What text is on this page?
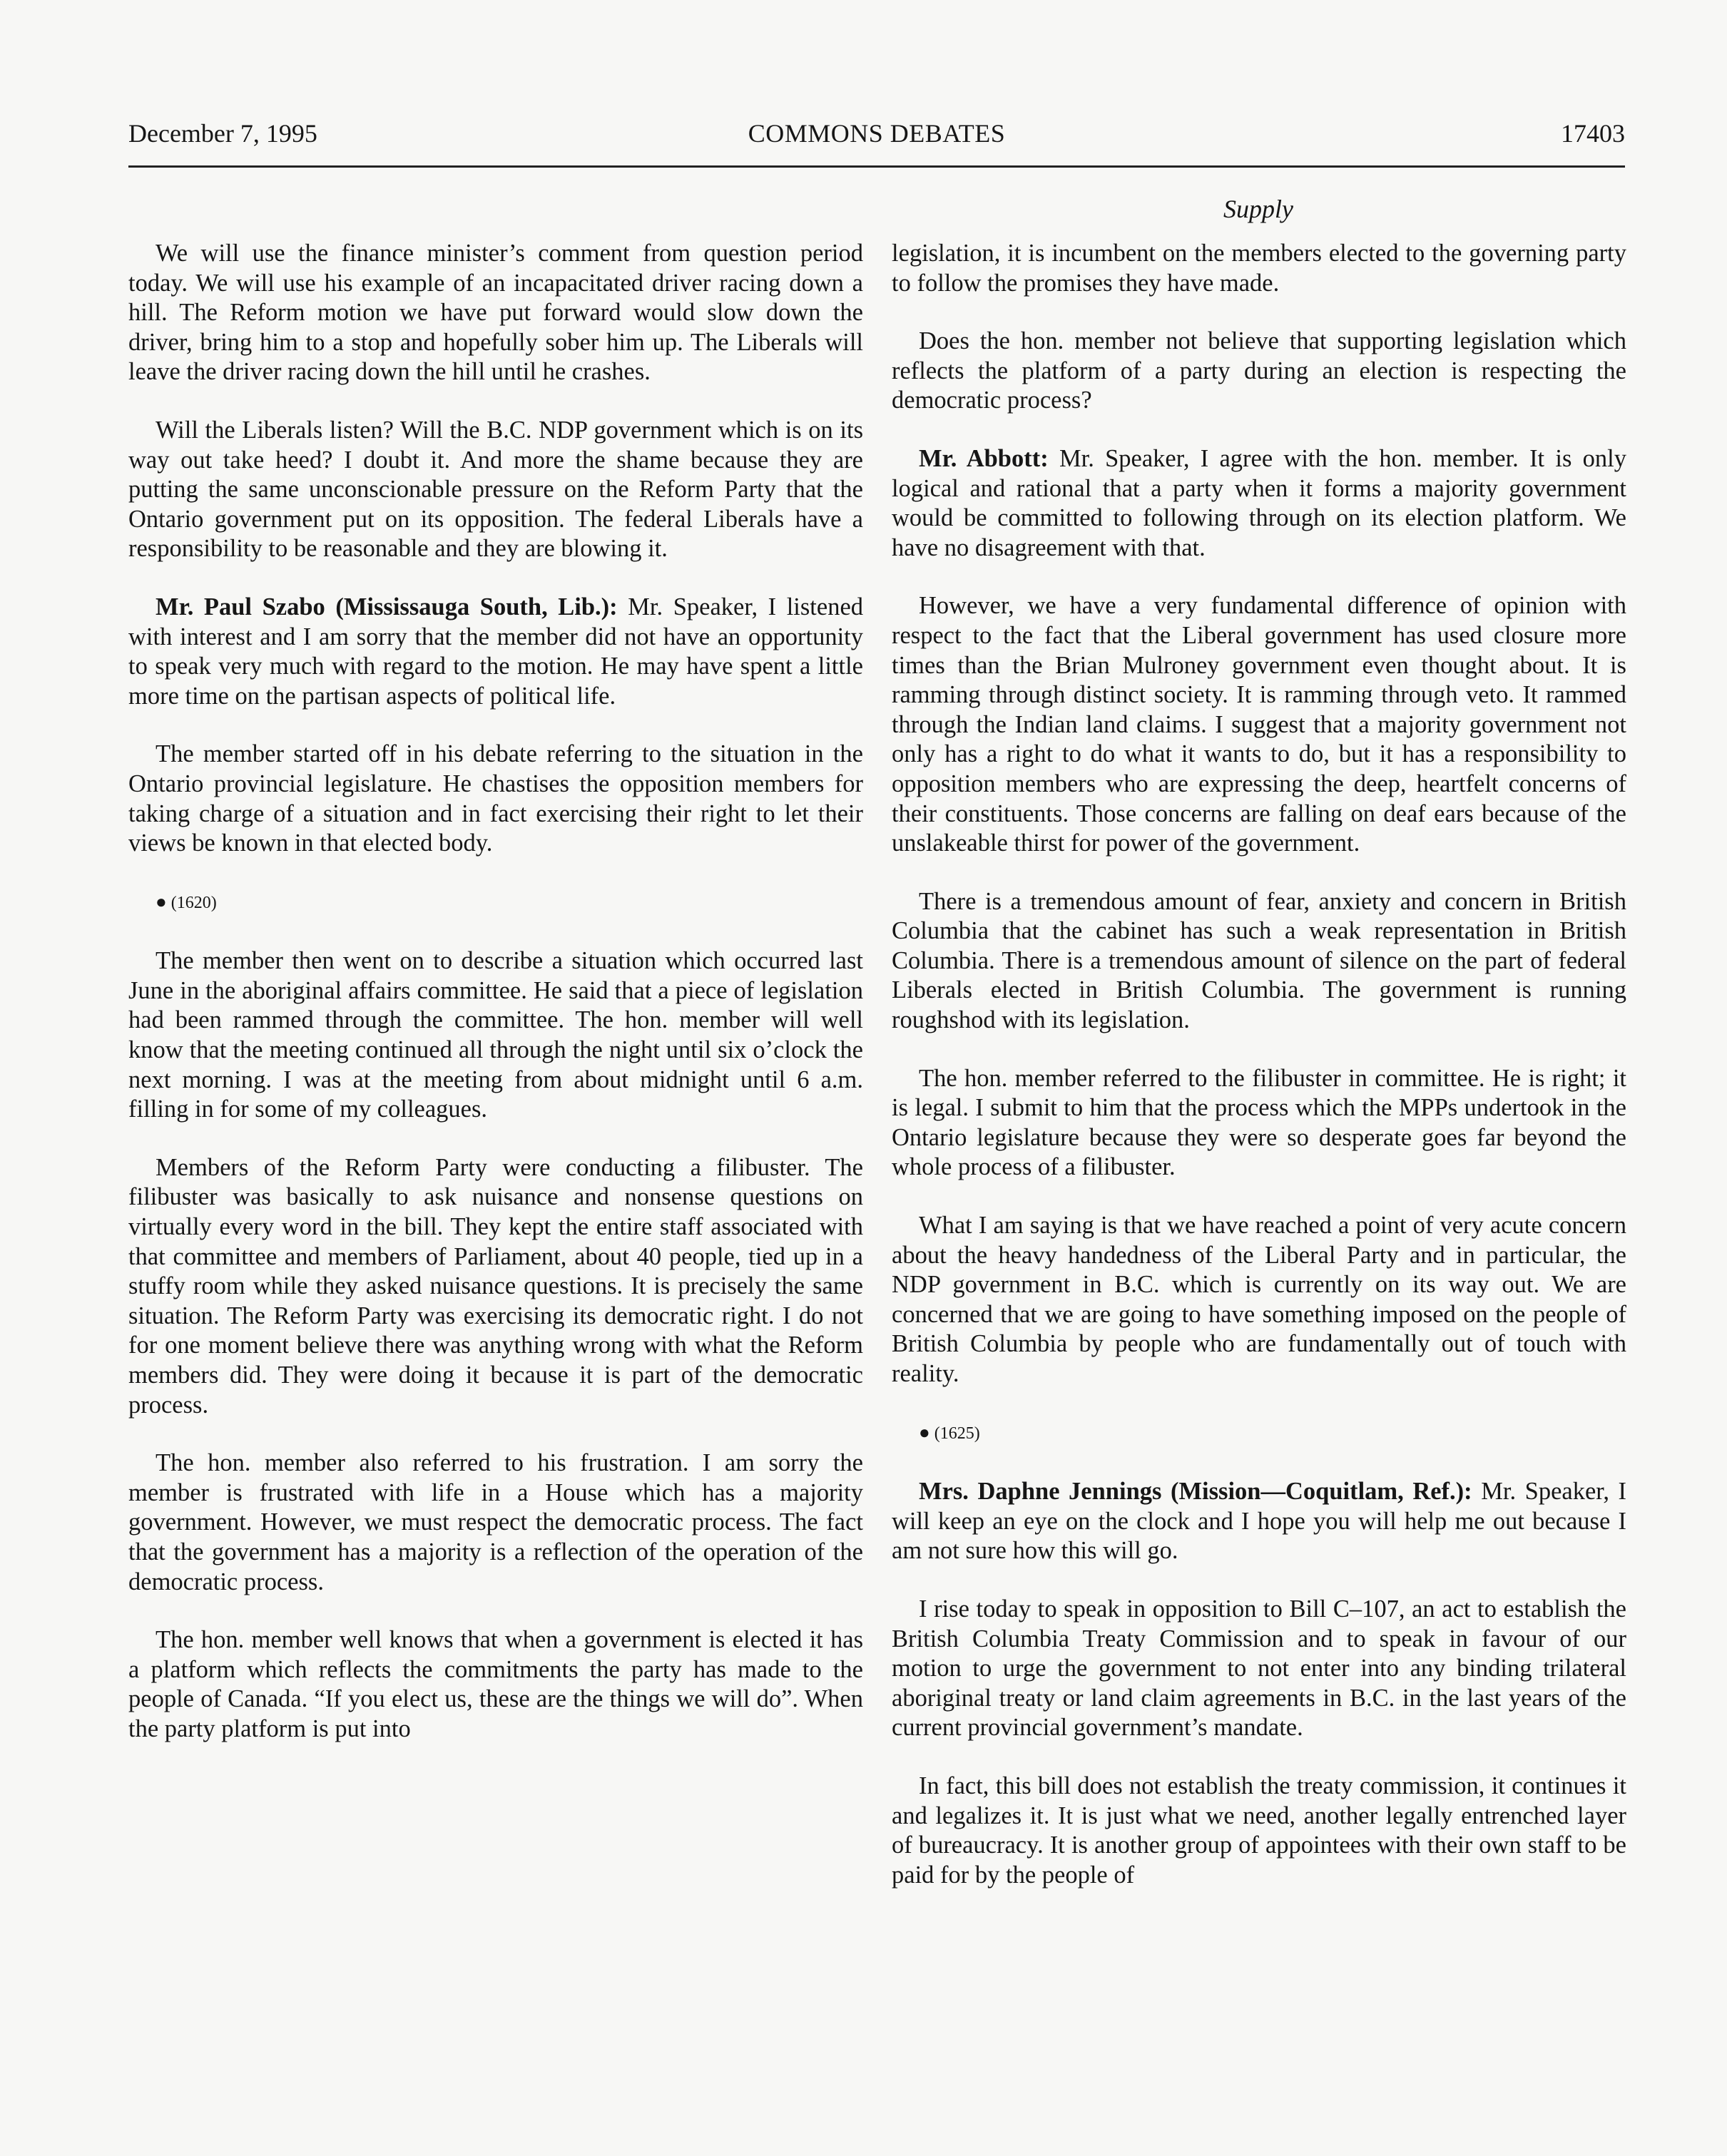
December 7, 1995	COMMONS DEBATES	17403
Supply

We will use the finance minister’s comment from question period today. We will use his example of an incapacitated driver racing down a hill. The Reform motion we have put forward would slow down the driver, bring him to a stop and hopefully sober him up. The Liberals will leave the driver racing down the hill until he crashes.

Will the Liberals listen? Will the B.C. NDP government which is on its way out take heed? I doubt it. And more the shame because they are putting the same unconscionable pressure on the Reform Party that the Ontario government put on its opposition. The federal Liberals have a responsibility to be reasonable and they are blowing it.

Mr. Paul Szabo (Mississauga South, Lib.): Mr. Speaker, I listened with interest and I am sorry that the member did not have an opportunity to speak very much with regard to the motion. He may have spent a little more time on the partisan aspects of political life.

The member started off in his debate referring to the situation in the Ontario provincial legislature. He chastises the opposition members for taking charge of a situation and in fact exercising their right to let their views be known in that elected body.

● (1620)

The member then went on to describe a situation which occurred last June in the aboriginal affairs committee. He said that a piece of legislation had been rammed through the committee. The hon. member will well know that the meeting continued all through the night until six o’clock the next morning. I was at the meeting from about midnight until 6 a.m. filling in for some of my colleagues.

Members of the Reform Party were conducting a filibuster. The filibuster was basically to ask nuisance and nonsense questions on virtually every word in the bill. They kept the entire staff associated with that committee and members of Parliament, about 40 people, tied up in a stuffy room while they asked nuisance questions. It is precisely the same situation. The Reform Party was exercising its democratic right. I do not for one moment believe there was anything wrong with what the Reform members did. They were doing it because it is part of the democratic process.

The hon. member also referred to his frustration. I am sorry the member is frustrated with life in a House which has a majority government. However, we must respect the democratic process. The fact that the government has a majority is a reflection of the operation of the democratic process.

The hon. member well knows that when a government is elected it has a platform which reflects the commitments the party has made to the people of Canada. “If you elect us, these are the things we will do”. When the party platform is put into

legislation, it is incumbent on the members elected to the governing party to follow the promises they have made.

Does the hon. member not believe that supporting legislation which reflects the platform of a party during an election is respecting the democratic process?

Mr. Abbott: Mr. Speaker, I agree with the hon. member. It is only logical and rational that a party when it forms a majority government would be committed to following through on its election platform. We have no disagreement with that.

However, we have a very fundamental difference of opinion with respect to the fact that the Liberal government has used closure more times than the Brian Mulroney government even thought about. It is ramming through distinct society. It is ramming through veto. It rammed through the Indian land claims. I suggest that a majority government not only has a right to do what it wants to do, but it has a responsibility to opposition members who are expressing the deep, heartfelt concerns of their constituents. Those concerns are falling on deaf ears because of the unslakeable thirst for power of the government.

There is a tremendous amount of fear, anxiety and concern in British Columbia that the cabinet has such a weak representation in British Columbia. There is a tremendous amount of silence on the part of federal Liberals elected in British Columbia. The government is running roughshod with its legislation.

The hon. member referred to the filibuster in committee. He is right; it is legal. I submit to him that the process which the MPPs undertook in the Ontario legislature because they were so desperate goes far beyond the whole process of a filibuster.

What I am saying is that we have reached a point of very acute concern about the heavy handedness of the Liberal Party and in particular, the NDP government in B.C. which is currently on its way out. We are concerned that we are going to have something imposed on the people of British Columbia by people who are fundamentally out of touch with reality.

● (1625)

Mrs. Daphne Jennings (Mission—Coquitlam, Ref.): Mr. Speaker, I will keep an eye on the clock and I hope you will help me out because I am not sure how this will go.

I rise today to speak in opposition to Bill C–107, an act to establish the British Columbia Treaty Commission and to speak in favour of our motion to urge the government to not enter into any binding trilateral aboriginal treaty or land claim agreements in B.C. in the last years of the current provincial government’s mandate.

In fact, this bill does not establish the treaty commission, it continues it and legalizes it. It is just what we need, another legally entrenched layer of bureaucracy. It is another group of appointees with their own staff to be paid for by the people of
